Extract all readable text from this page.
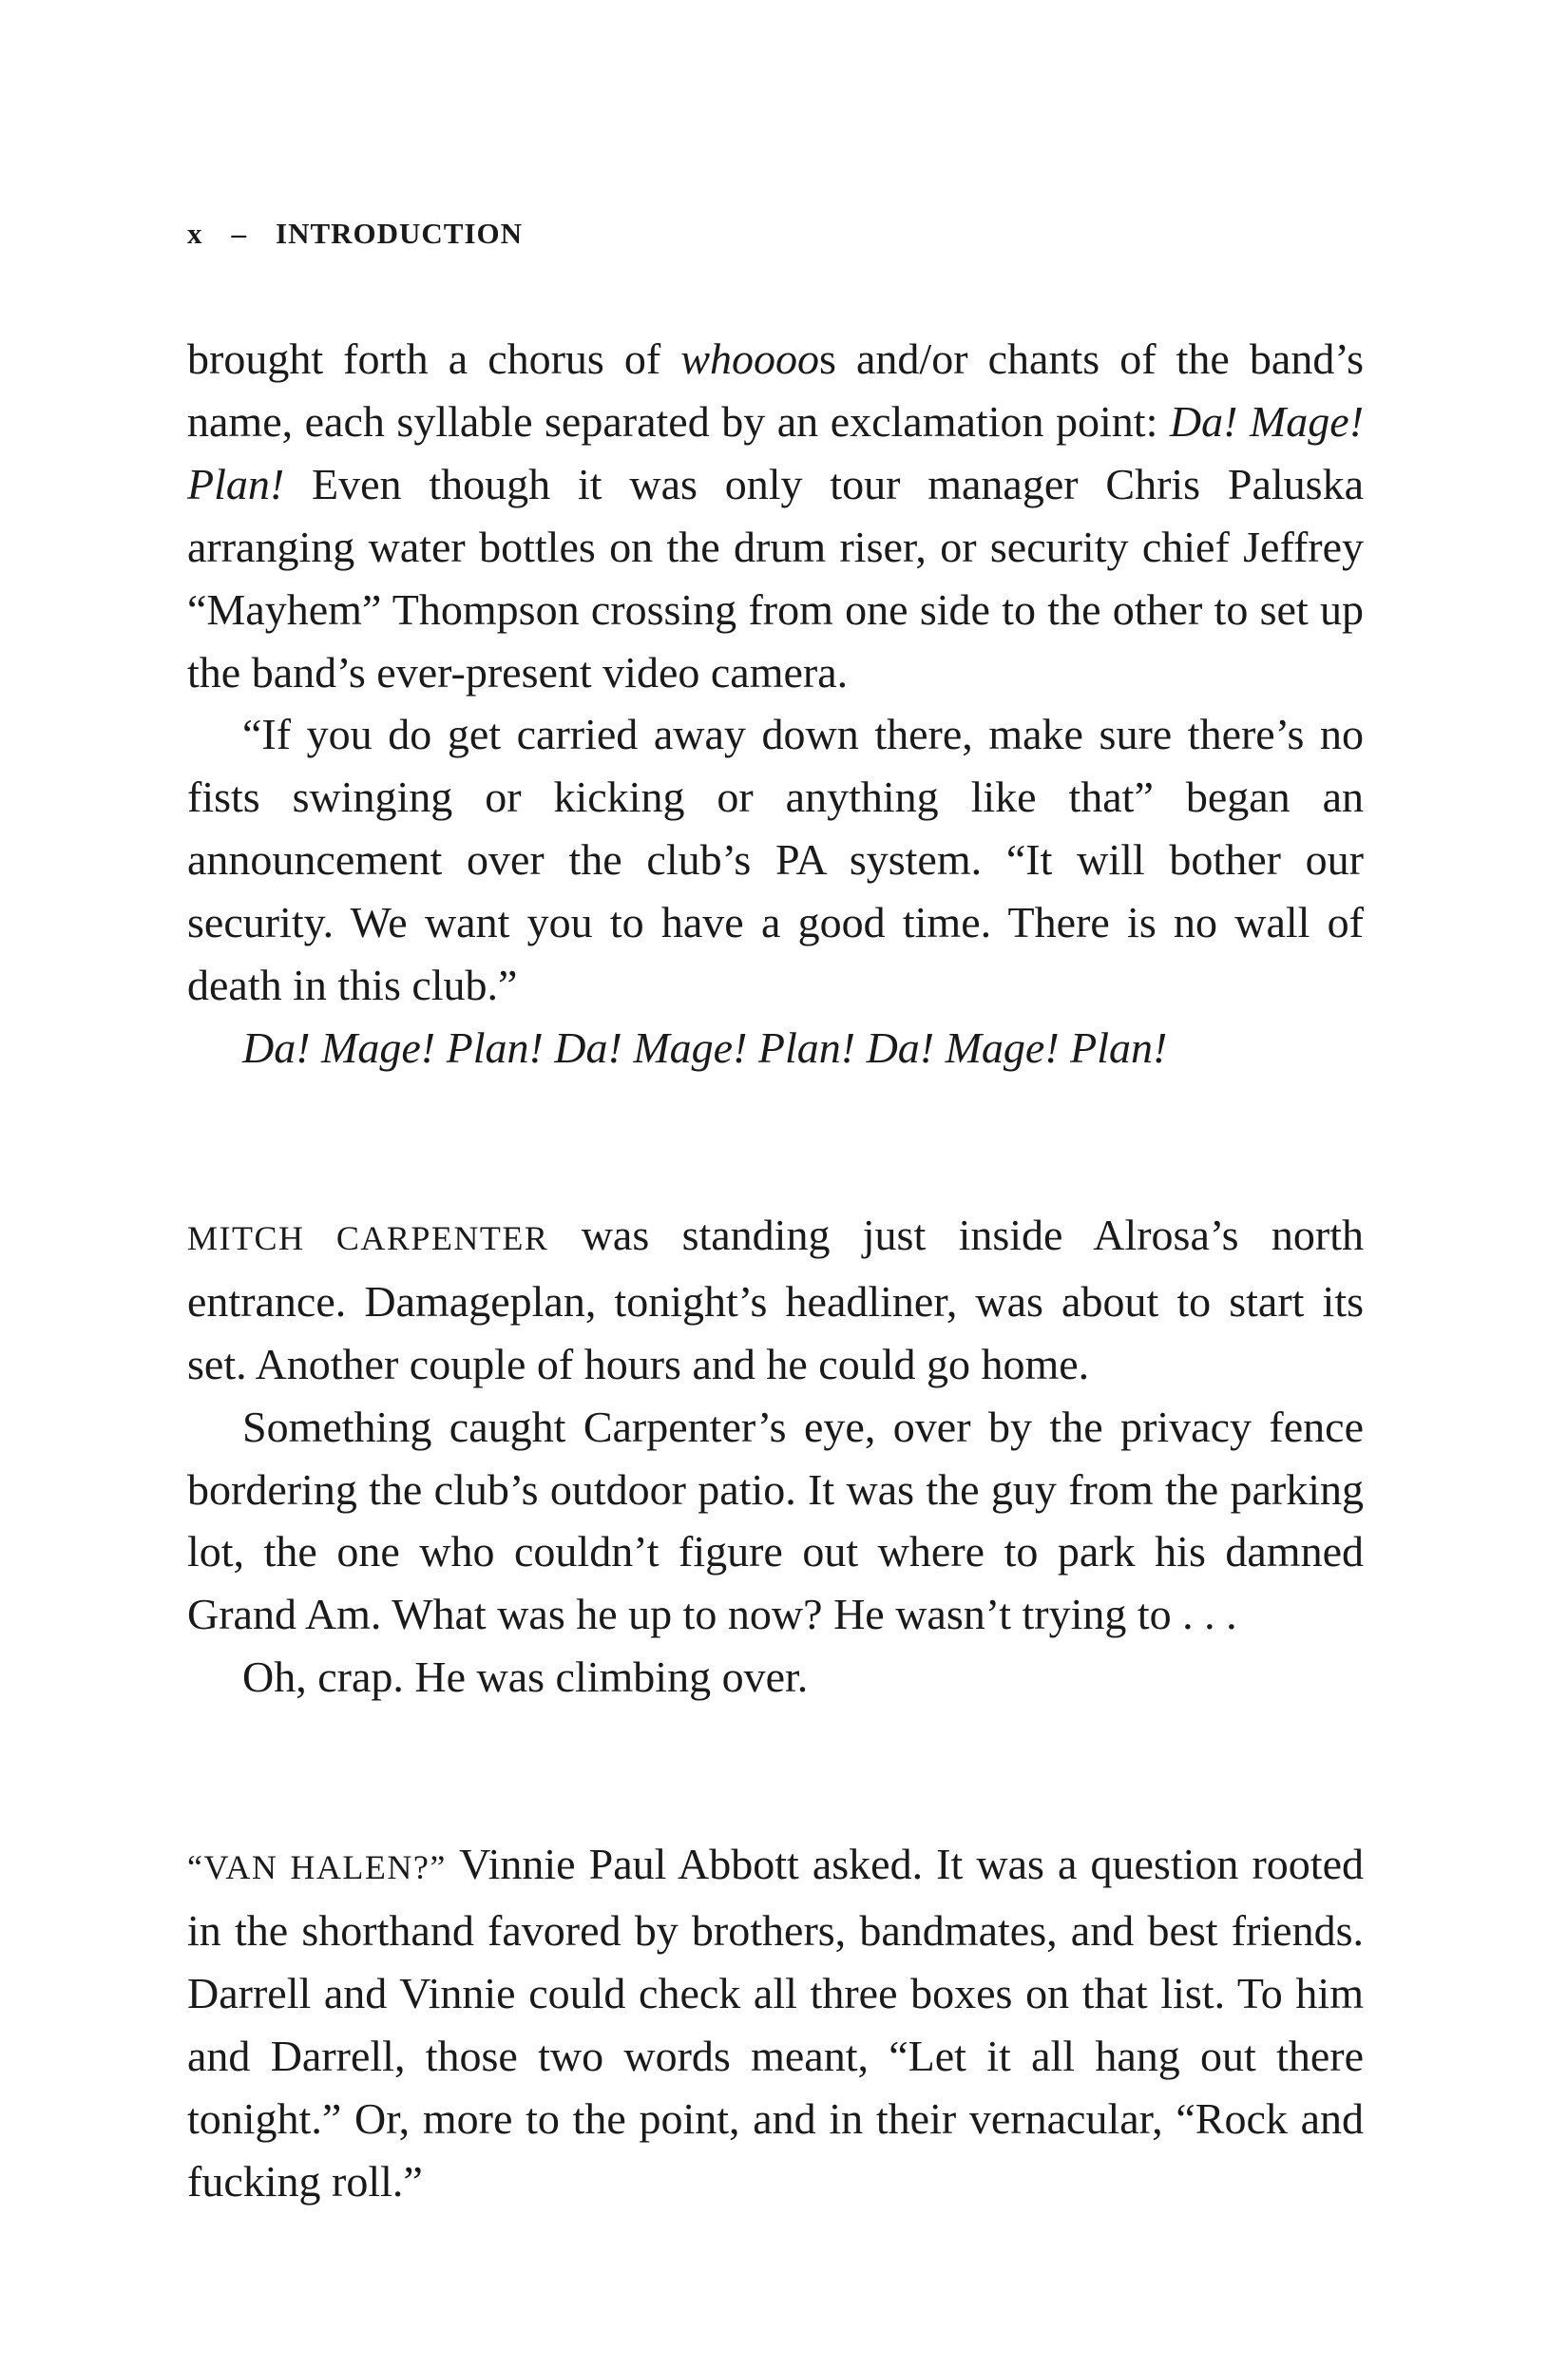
x – INTRODUCTION

brought forth a chorus of whoooos and/or chants of the band’s name, each syllable separated by an exclamation point: Da! Mage! Plan! Even though it was only tour manager Chris Paluska arranging water bottles on the drum riser, or security chief Jeffrey “Mayhem” Thompson crossing from one side to the other to set up the band’s ever-present video camera.

“If you do get carried away down there, make sure there’s no fists swinging or kicking or anything like that” began an announcement over the club’s PA system. “It will bother our security. We want you to have a good time. There is no wall of death in this club.”

Da! Mage! Plan! Da! Mage! Plan! Da! Mage! Plan!

MITCH CARPENTER was standing just inside Alrosa’s north entrance. Damageplan, tonight’s headliner, was about to start its set. Another couple of hours and he could go home.

Something caught Carpenter’s eye, over by the privacy fence bordering the club’s outdoor patio. It was the guy from the parking lot, the one who couldn’t figure out where to park his damned Grand Am. What was he up to now? He wasn’t trying to . . .

Oh, crap. He was climbing over.

“VAN HALEN?” Vinnie Paul Abbott asked. It was a question rooted in the shorthand favored by brothers, bandmates, and best friends. Darrell and Vinnie could check all three boxes on that list. To him and Darrell, those two words meant, “Let it all hang out there tonight.” Or, more to the point, and in their vernacular, “Rock and fucking roll.”
